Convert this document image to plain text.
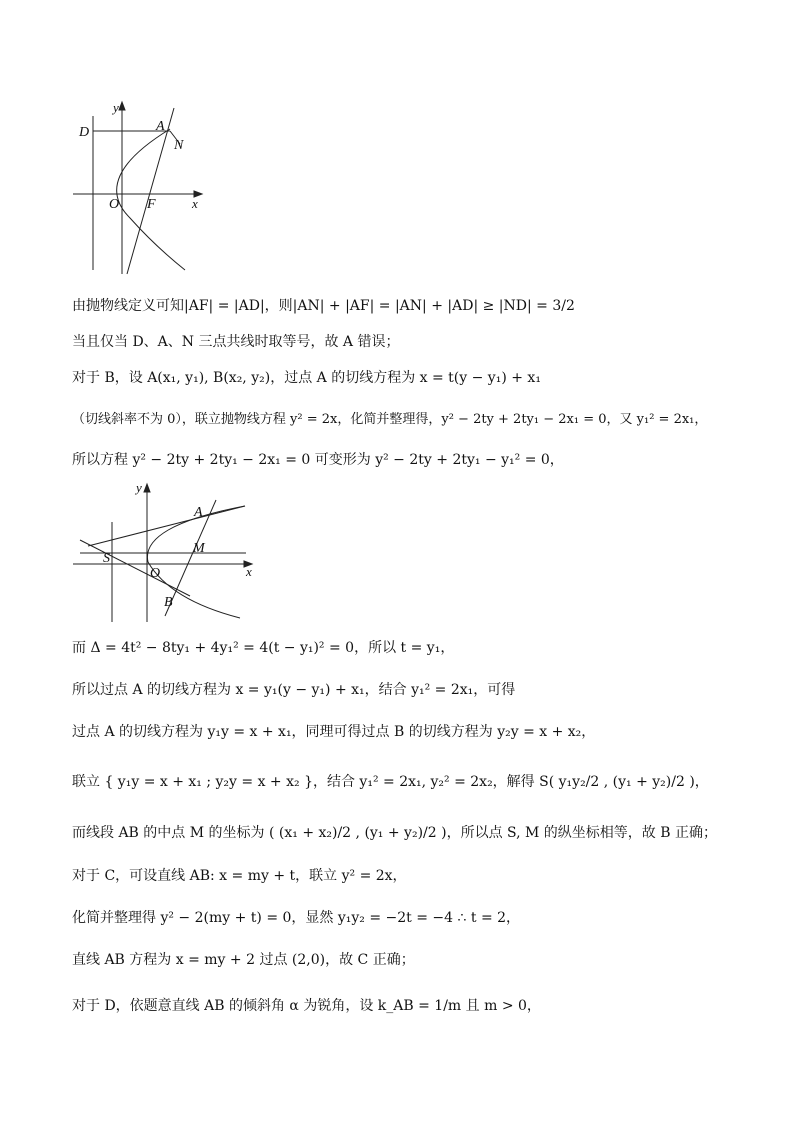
y
x
D	A
N
O F
由抛物线定义可知|AF| = |AD|，则|AN| + |AF| = |AN| + |AD| ≥ |ND| = 3/2
当且仅当 D、A、N 三点共线时取等号，故 A 错误；
对于 B，设 A(x₁, y₁), B(x₂, y₂)，过点 A 的切线方程为 x = t(y − y₁) + x₁
（切线斜率不为 0），联立抛物线方程 y² = 2x，化简并整理得，y² − 2ty + 2ty₁ − 2x₁ = 0，又 y₁² = 2x₁，
所以方程 y² − 2ty + 2ty₁ − 2x₁ = 0 可变形为 y² − 2ty + 2ty₁ − y₁² = 0，
y
x
A
S
M
O
B
而 Δ = 4t² − 8ty₁ + 4y₁² = 4(t − y₁)² = 0，所以 t = y₁，
所以过点 A 的切线方程为 x = y₁(y − y₁) + x₁，结合 y₁² = 2x₁，可得
过点 A 的切线方程为 y₁y = x + x₁，同理可得过点 B 的切线方程为 y₂y = x + x₂，
联立 { y₁y = x + x₁ ; y₂y = x + x₂ }，结合 y₁² = 2x₁, y₂² = 2x₂，解得 S( y₁y₂/2 , (y₁ + y₂)/2 )，
而线段 AB 的中点 M 的坐标为 ( (x₁ + x₂)/2 , (y₁ + y₂)/2 )，所以点 S, M 的纵坐标相等，故 B 正确；
对于 C，可设直线 AB: x = my + t，联立 y² = 2x，
化简并整理得 y² − 2(my + t) = 0，显然 y₁y₂ = −2t = −4 ∴ t = 2，
直线 AB 方程为 x = my + 2 过点 (2,0)，故 C 正确；
对于 D，依题意直线 AB 的倾斜角 α 为锐角，设 k_AB = 1/m 且 m > 0，
